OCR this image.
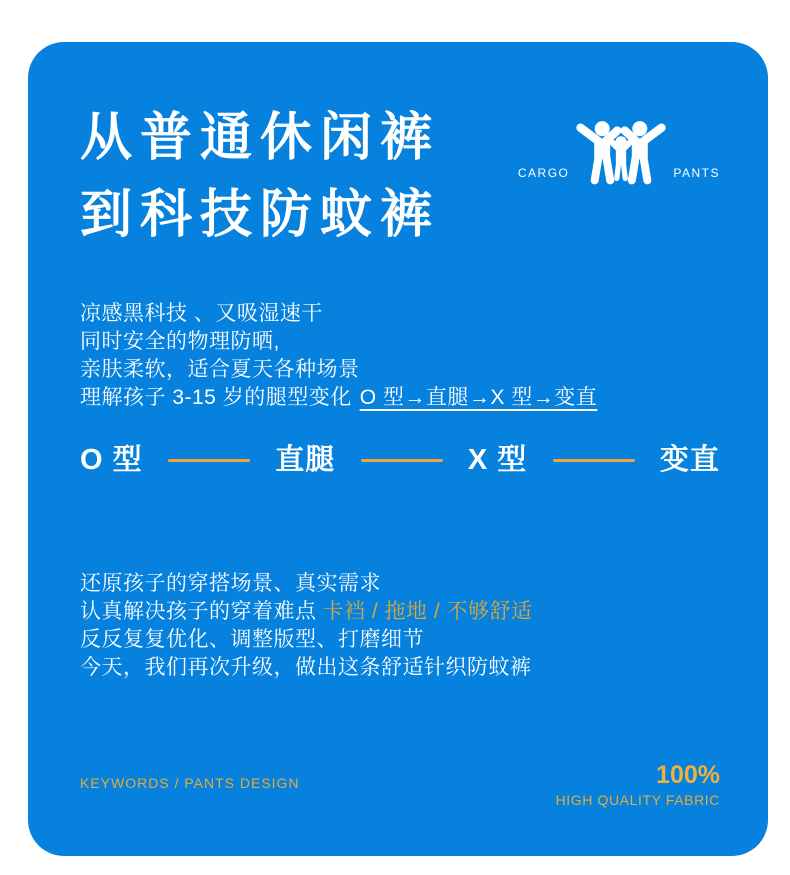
从普通休闲裤
到科技防蚊裤
CARGO	PANTS
凉感黑科技 、又吸湿速干
同时安全的物理防晒,
亲肤柔软，适合夏天各种场景
理解孩子 3-15 岁的腿型变化 O 型→直腿→X 型→变直
O 型	直腿	X 型	变直
还原孩子的穿搭场景、真实需求
认真解决孩子的穿着难点 卡裆 / 拖地 / 不够舒适
反反复复优化、调整版型、打磨细节
今天，我们再次升级，做出这条舒适针织防蚊裤
KEYWORDS / PANTS DESIGN	100%
HIGH QUALITY FABRIC
